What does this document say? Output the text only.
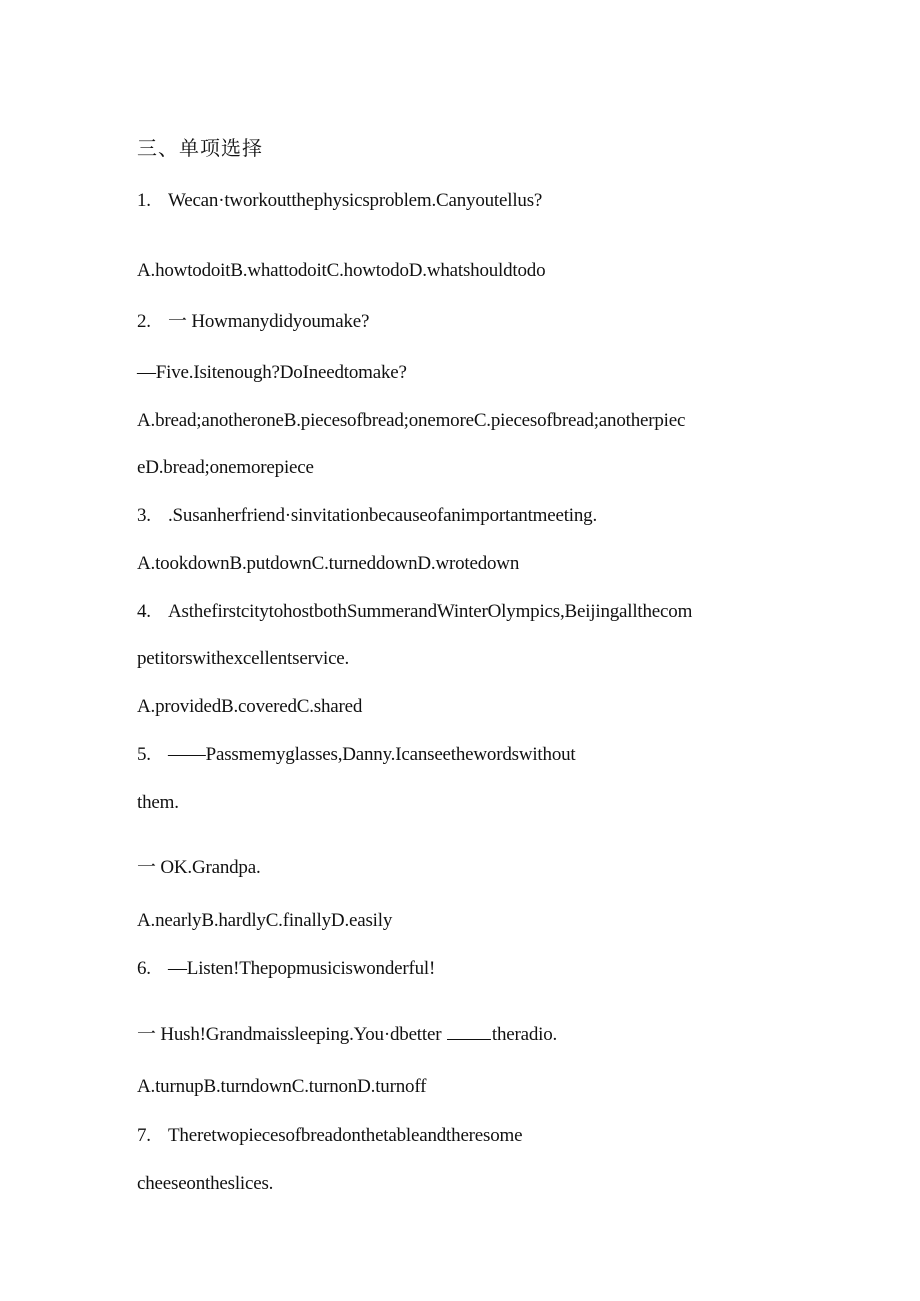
三、单项选择
1. Wecan·tworkoutthephysicsproblem.Canyoutellus?
A.howtodoitB.whattodoitC.howtodoD.whatshouldtodo
2. 一 Howmanydidyoumake?
—Five.Isitenough?DoIneedtomake?
A.bread;anotheroneB.piecesofbread;onemoreC.piecesofbread;anotherpiec
eD.bread;onemorepiece
3. .Susanherfriend·sinvitationbecauseofanimportantmeeting.
A.tookdownB.putdownC.turneddownD.wrotedown
4. AsthefirstcitytohostbothSummerandWinterOlympics,Beijingallthecom
petitorswithexcellentservice.
A.providedB.coveredC.shared
5. ——Passmemyglasses,Danny.Icanseethewordswithout
them.
一 OK.Grandpa.
A.nearlyB.hardlyC.finallyD.easily
6. —Listen!Thepopmusiciswonderful!
一 Hush!Grandmaissleeping.You·dbetter	theradio.
A.turnupB.turndownC.turnonD.turnoff
7. Theretwopiecesofbreadonthetableandtheresome
cheeseontheslices.
